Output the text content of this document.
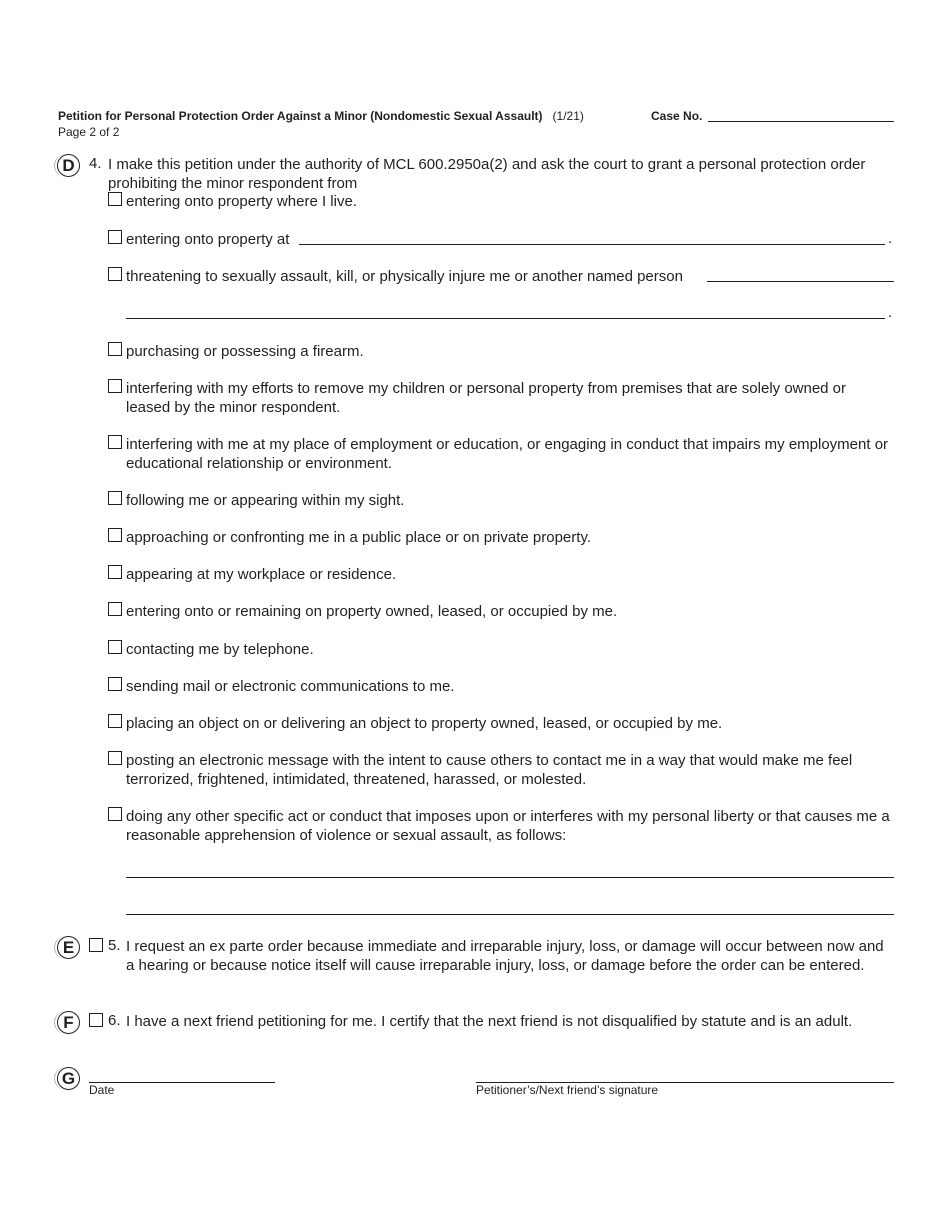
Petition for Personal Protection Order Against a Minor (Nondomestic Sexual Assault) (1/21)	Case No.
Page 2 of 2
D 4. I make this petition under the authority of MCL 600.2950a(2) and ask the court to grant a personal protection order prohibiting the minor respondent from
entering onto property where I live.
entering onto property at	.
threatening to sexually assault, kill, or physically injure me or another named person
.
purchasing or possessing a firearm.
interfering with my efforts to remove my children or personal property from premises that are solely owned or leased by the minor respondent.
interfering with me at my place of employment or education, or engaging in conduct that impairs my employment or educational relationship or environment.
following me or appearing within my sight.
approaching or confronting me in a public place or on private property.
appearing at my workplace or residence.
entering onto or remaining on property owned, leased, or occupied by me.
contacting me by telephone.
sending mail or electronic communications to me.
placing an object on or delivering an object to property owned, leased, or occupied by me.
posting an electronic message with the intent to cause others to contact me in a way that would make me feel terrorized, frightened, intimidated, threatened, harassed, or molested.
doing any other specific act or conduct that imposes upon or interferes with my personal liberty or that causes me a reasonable apprehension of violence or sexual assault, as follows:
E	5. I request an ex parte order because immediate and irreparable injury, loss, or damage will occur between now and a hearing or because notice itself will cause irreparable injury, loss, or damage before the order can be entered.
F	6. I have a next friend petitioning for me. I certify that the next friend is not disqualified by statute and is an adult.
G
Date	Petitioner’s/Next friend’s signature
